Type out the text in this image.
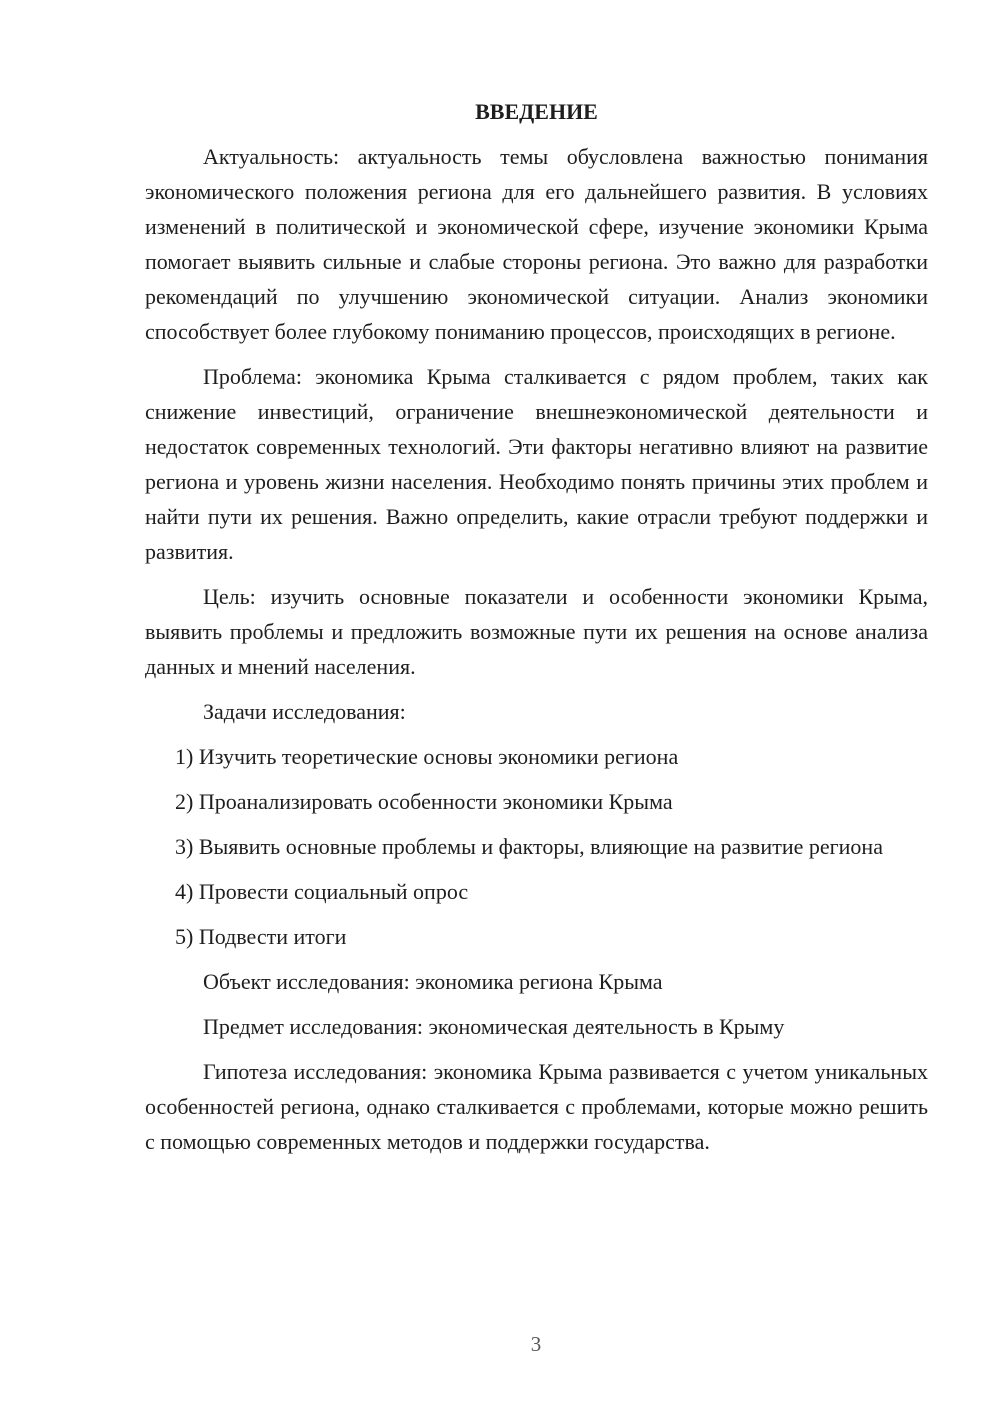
ВВЕДЕНИЕ

Актуальность: актуальность темы обусловлена важностью понимания экономического положения региона для его дальнейшего развития. В условиях изменений в политической и экономической сфере, изучение экономики Крыма помогает выявить сильные и слабые стороны региона. Это важно для разработки рекомендаций по улучшению экономической ситуации. Анализ экономики способствует более глубокому пониманию процессов, происходящих в регионе.

Проблема: экономика Крыма сталкивается с рядом проблем, таких как снижение инвестиций, ограничение внешнеэкономической деятельности и недостаток современных технологий. Эти факторы негативно влияют на развитие региона и уровень жизни населения. Необходимо понять причины этих проблем и найти пути их решения. Важно определить, какие отрасли требуют поддержки и развития.

Цель: изучить основные показатели и особенности экономики Крыма, выявить проблемы и предложить возможные пути их решения на основе анализа данных и мнений населения.

Задачи исследования:

1) Изучить теоретические основы экономики региона

2) Проанализировать особенности экономики Крыма

3) Выявить основные проблемы и факторы, влияющие на развитие региона

4) Провести социальный опрос

5) Подвести итоги

Объект исследования: экономика региона Крыма

Предмет исследования: экономическая деятельность в Крыму

Гипотеза исследования: экономика Крыма развивается с учетом уникальных особенностей региона, однако сталкивается с проблемами, которые можно решить с помощью современных методов и поддержки государства.

3
